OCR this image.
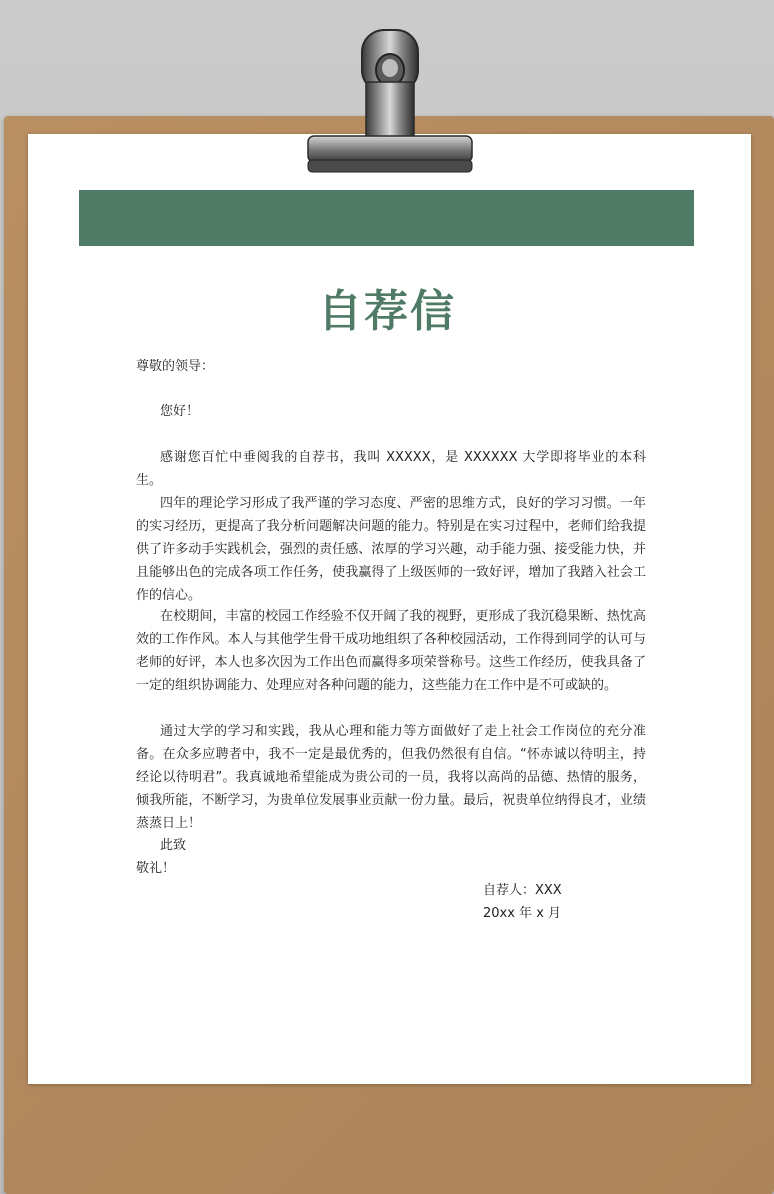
自荐信
尊敬的领导：
您好！
感谢您百忙中垂阅我的自荐书，我叫 XXXXX，是 XXXXXX 大学即将毕业的本科生。
四年的理论学习形成了我严谨的学习态度、严密的思维方式，良好的学习习惯。一年的实习经历，更提高了我分析问题解决问题的能力。特别是在实习过程中，老师们给我提供了许多动手实践机会，强烈的责任感、浓厚的学习兴趣，动手能力强、接受能力快，并且能够出色的完成各项工作任务，使我赢得了上级医师的一致好评，增加了我踏入社会工作的信心。
在校期间，丰富的校园工作经验不仅开阔了我的视野，更形成了我沉稳果断、热忱高效的工作作风。本人与其他学生骨干成功地组织了各种校园活动，工作得到同学的认可与老师的好评，本人也多次因为工作出色而赢得多项荣誉称号。这些工作经历，使我具备了一定的组织协调能力、处理应对各种问题的能力，这些能力在工作中是不可或缺的。
通过大学的学习和实践，我从心理和能力等方面做好了走上社会工作岗位的充分准备。在众多应聘者中，我不一定是最优秀的，但我仍然很有自信。“怀赤诚以待明主，持经论以待明君”。我真诚地希望能成为贵公司的一员，我将以高尚的品德、热情的服务，倾我所能，不断学习，为贵单位发展事业贡献一份力量。最后，祝贵单位纳得良才，业绩蒸蒸日上！
此致
敬礼！
自荐人：XXX
20xx 年 x 月
